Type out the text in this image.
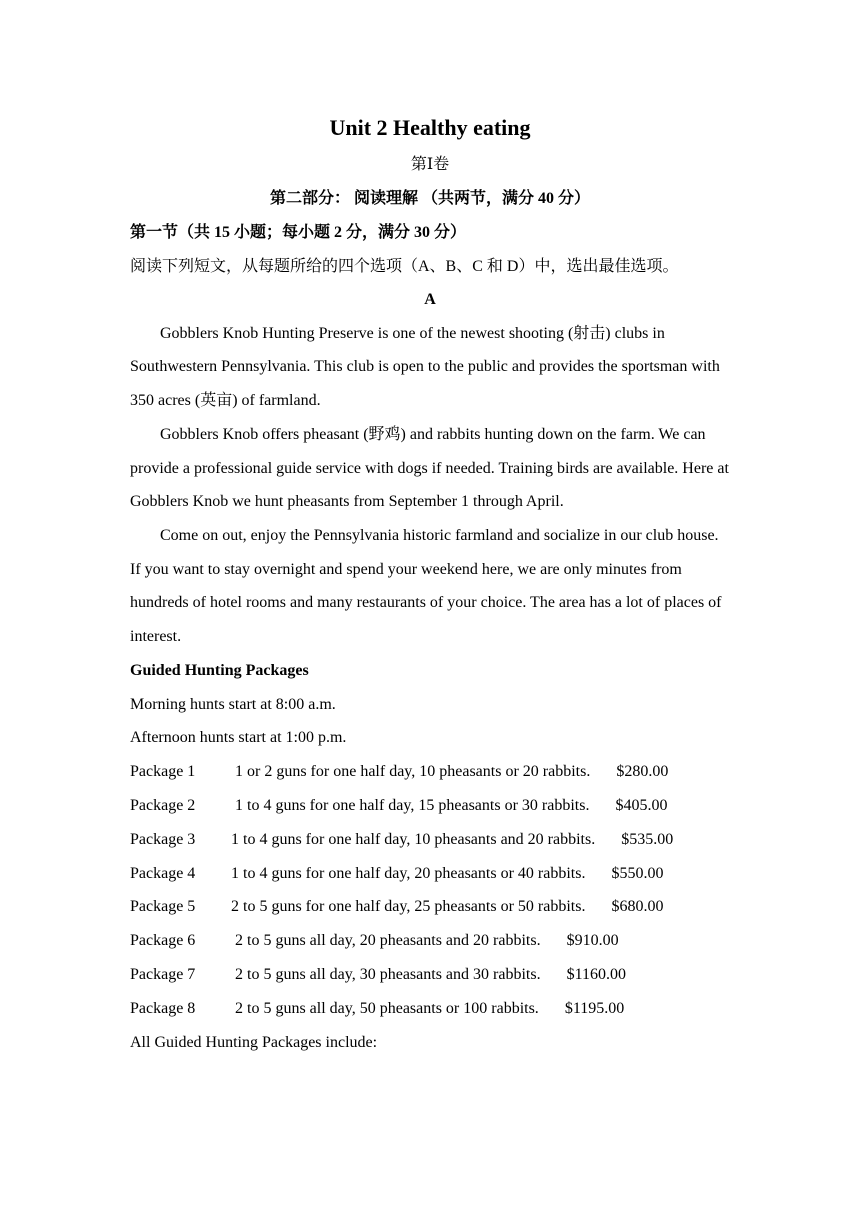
Unit 2 Healthy eating
第Ⅰ卷
第二部分： 阅读理解 （共两节，满分 40 分）
第一节（共 15 小题；每小题 2 分，满分 30 分）
阅读下列短文，从每题所给的四个选项（A、B、C 和 D）中，选出最佳选项。
A

Gobblers Knob Hunting Preserve is one of the newest shooting (射击) clubs in Southwestern Pennsylvania. This club is open to the public and provides the sportsman with 350 acres (英亩) of farmland.

Gobblers Knob offers pheasant (野鸡) and rabbits hunting down on the farm. We can provide a professional guide service with dogs if needed. Training birds are available. Here at Gobblers Knob we hunt pheasants from September 1 through April.

Come on out, enjoy the Pennsylvania historic farmland and socialize in our club house. If you want to stay overnight and spend your weekend here, we are only minutes from hundreds of hotel rooms and many restaurants of your choice. The area has a lot of places of interest.

Guided Hunting Packages
Morning hunts start at 8:00 a.m.
Afternoon hunts start at 1:00 p.m.
Package 1 1 or 2 guns for one half day, 10 pheasants or 20 rabbits. $280.00
Package 2 1 to 4 guns for one half day, 15 pheasants or 30 rabbits. $405.00
Package 3 1 to 4 guns for one half day, 10 pheasants and 20 rabbits. $535.00
Package 4 1 to 4 guns for one half day, 20 pheasants or 40 rabbits. $550.00
Package 5 2 to 5 guns for one half day, 25 pheasants or 50 rabbits. $680.00
Package 6 2 to 5 guns all day, 20 pheasants and 20 rabbits. $910.00
Package 7 2 to 5 guns all day, 30 pheasants and 30 rabbits. $1160.00
Package 8 2 to 5 guns all day, 50 pheasants or 100 rabbits. $1195.00
All Guided Hunting Packages include:
